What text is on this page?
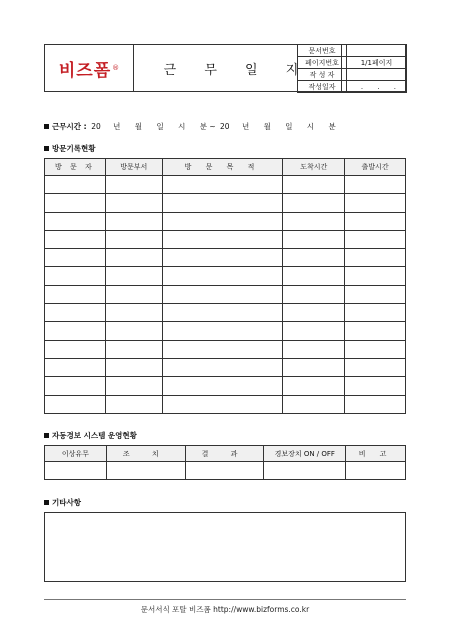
비즈폼 ®	근 무 일 지
문서번호	
페이지번호	1/1페이지
작 성 자	
작성일자	. . .
근무시간 : 20 년 월 일 시 분 ~ 20 년 월 일 시 분
방문기록현황
방 문 자	방문부서	방 문 목 적	도착시간	출발시간

자동경보 시스템 운영현황
이상유무	조 치	결 과	경보장치 ON / OFF	비 고

기타사항
문서서식 포탈 비즈폼 http://www.bizforms.co.kr
